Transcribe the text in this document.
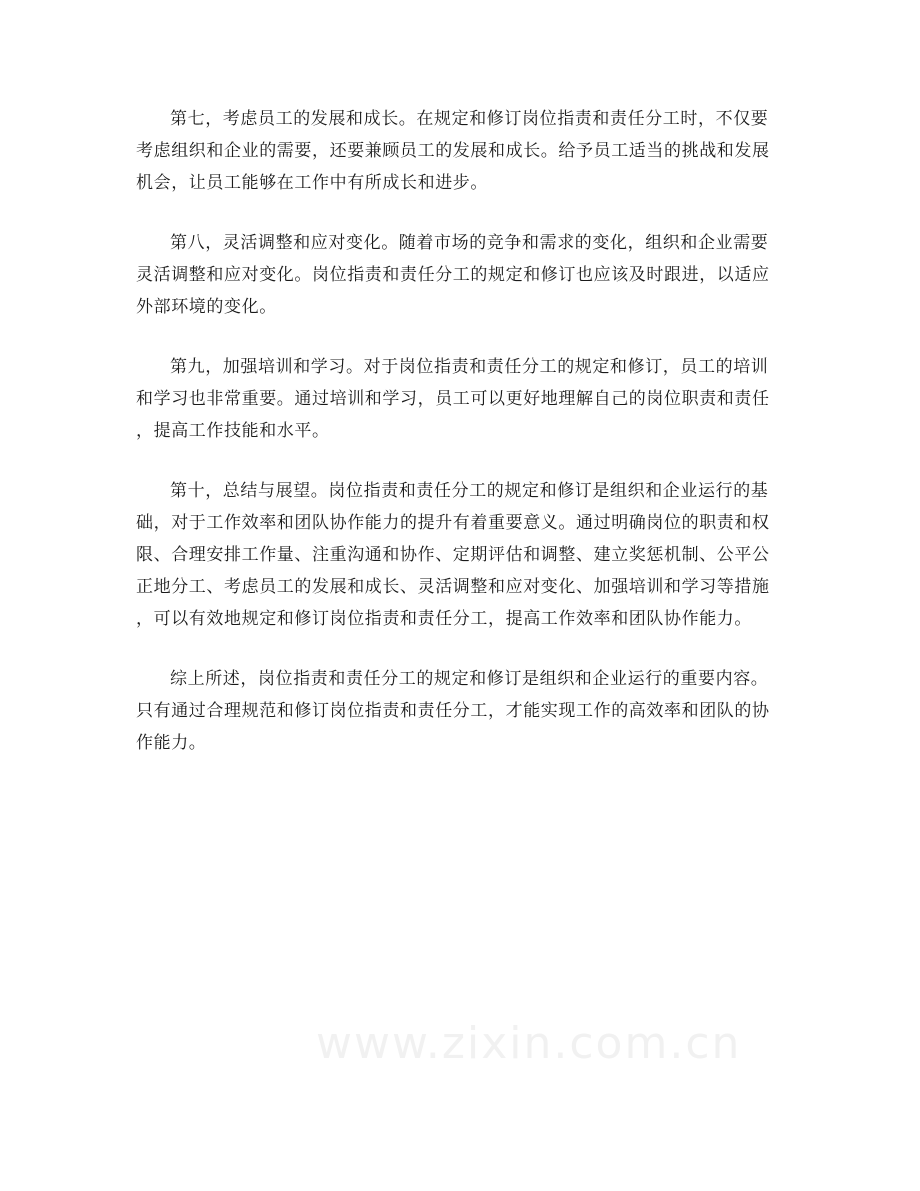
第七，考虑员工的发展和成长。在规定和修订岗位指责和责任分工时，不仅要
考虑组织和企业的需要，还要兼顾员工的发展和成长。给予员工适当的挑战和发展
机会，让员工能够在工作中有所成长和进步。

第八，灵活调整和应对变化。随着市场的竞争和需求的变化，组织和企业需要
灵活调整和应对变化。岗位指责和责任分工的规定和修订也应该及时跟进，以适应
外部环境的变化。

第九，加强培训和学习。对于岗位指责和责任分工的规定和修订，员工的培训
和学习也非常重要。通过培训和学习，员工可以更好地理解自己的岗位职责和责任
，提高工作技能和水平。

第十，总结与展望。岗位指责和责任分工的规定和修订是组织和企业运行的基
础，对于工作效率和团队协作能力的提升有着重要意义。通过明确岗位的职责和权
限、合理安排工作量、注重沟通和协作、定期评估和调整、建立奖惩机制、公平公
正地分工、考虑员工的发展和成长、灵活调整和应对变化、加强培训和学习等措施
，可以有效地规定和修订岗位指责和责任分工，提高工作效率和团队协作能力。

综上所述，岗位指责和责任分工的规定和修订是组织和企业运行的重要内容。
只有通过合理规范和修订岗位指责和责任分工，才能实现工作的高效率和团队的协
作能力。

www.zixin.com.cn
